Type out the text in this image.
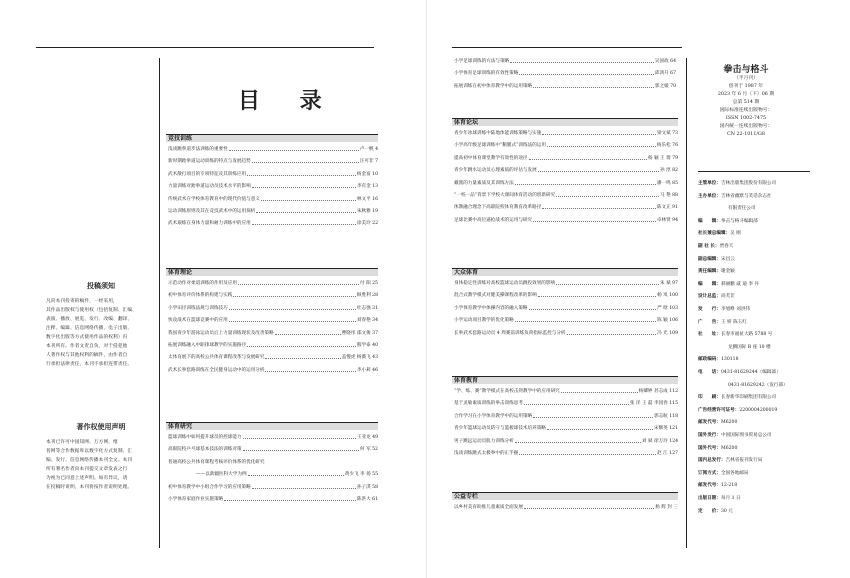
投稿须知
凡向本刊投寄的稿件，一经采用，
其作品出版权与使用权（包括复制、汇编、
表演、播放、展览、发行、改编、翻译、
注释、编辑、信息网络传播、电子出版、
数字化出版等方式使用作品的权利）归
本刊所有。作者文责自负，对于侵犯他
人著作权与其他权利的稿件，由作者自
行承担法律责任，本刊不承担连带责任。
著作权使用声明
本刊已许可中国知网、万方网、维
普网等合作数据库以数字化方式复制、汇
编、发行、信息网络传播本刊全文。本刊
所有署名作者向本刊提交文章发表之行
为视为已同意上述声明。如有异议，请
在投稿时说明，本刊将按作者说明处理。
目 录
竞技训练
浅谈跳拳道步法训练的重要性	卢一帆 4
新时期跆拳道运动训练的特点与发展趋势	汪可非 7
武术散打项目的专项特征及其训练应用	杨金富 10
力量训练对跆拳道运动员技术水平的影响	李有金 13
传统武术在学校体育教育中的现代价值与意义	林文平 16
运动训练原则及其在竞技武术中的运用探析	朱秋雅 19
武术艰练在身体力量和耐力训练中的应用	徐美玲 22
体育理论
示范动作对柔道训练的作用及应用	付 阳 25
初中体育评价体系的构建与实践	顾胜利 28
小学田径训练法规与训练技巧	杜志强 31
快攻战术在篮球竞赛中的应用	刘春艳 34
我国青少年游泳运动员后上力量训练现状及改善策略	曹晓彤 邵文俊 37
拓展训练融入中职排球教学的实施路径	熊学泰 40
太体育展下的高校公共体育课程改革与发展研究	盖慢虎 杨薇飞 43
武术长拳套路训练在全民健身运动中的运用分析	李小莉 46
体育研究
篮球训练中如何提升球员的控球能力	王亚龙 49
高职院校乒乓球基本技法的训练对策	何 军 52
普通高校公共体育课程考核评价体系的优化研究
——以新疆医科大学为例	黄少飞 李 扬 55
初中体育教学中小组合作学习的应用策略	孙子淇 58
小学体育家庭作业实施策略	陈洪大 61
小学足球训练的方法与策略	吴国政 64
小学体育足球训练的有效性策略	邱鸿升 67
拓展训练在初中体育教学中的运用策略	郭之媛 70
体育论坛
青少年冰球训练中陆地体能训练策略与实施	梁文斌 73
小学高年级足球训练中“鹅腿式”训练法的运用	杨乐松 76
提高初中体育课堂教学有效性的途径	杨 颖 王 倩 79
青少年跳水运动员心理素质的评估与发展	孙 淳 82
戴派的力量素质及其训练方法	潘一鸣 85
“一校一品”背景下学校大课间体育活动的创新研究	马 艳 88
体教融合理念下高职院校体育教育改革路径	陈文正 91
足球比赛中高位逼抢战术的运用与研究	卓林贤 94
大众体育
身体稳定性训练对高校篮球运动员跳投效果的影响	朱 斌 97
混合式教学模式对健美操课程改革的影响	杨 岚 100
小学体育教学中体操内容的融入策略	严 晗 103
小学运动项目教学的优化策略	陈 颖 106
长拳武术套路运动员 4 周赛前训练负荷指标监控与分析	冯 光 109
体育教育
“学、练、赛”教学模式在高校击剑教学中的应用研究	杨卿婷 甚志成 112
基于灵敏素质训练的拳击训练思考	张 洋 王 磊 李园春 115
合作学习在小学体育教学中的运用策略	郭志航 118
青少年篮球运动员防守与篮板球技术培养策略	宋顺英 121
男子跳远运动员肌力训练分析	刘 斌 徐万玲 124
浅谈训练跳式太极拳中的正手握	赵 江 127
公益专栏
以乡村美育助推儿童素质全面发展	杨 辉 封 三
拳击与格斗
（半月刊）
创刊于 1987 年
2023 年 6 月（下）06 期
总第 514 期
国际标准连续出版物号：
ISSN 1002-7475
国内统一连续出版物号：
CN 22-1011/G8
主管单位：吉林出版集团股份有限公司
主办单位：吉林省幽默与笑话杂志社
有限责任公司
编　　辑：拳击与格斗编辑部
社长兼总编辑：吴 刚
副 社 长：贾春天
副总编辑：宋昌云
责任编辑：谢金颖
编　　辑：郝丽鹏 戚 迪 李 丹
设计总监：尚芙非
发　　行：李旭峥 刘洪伟
广　　告：王 妍 陈玉红
社　　址：长春市福祉大路 5788 号
龙腾国际 B 座 10 楼
邮政编码：130118
电　　话：0431-81629244（编辑部）
0431-81629242（发行部）
印　　刷：长春新华印刷集团有限公司
广告经营许可证号：2200004200019
邮发代号：M6200
国外发行：中国国际图书贸易总公司
国外代号：M6200
国内总发行：吉林省报刊发行局
订阅方式：全国各地邮局
邮发代号：12-218
出版日期：每月 1 日
定　　价：30 元
